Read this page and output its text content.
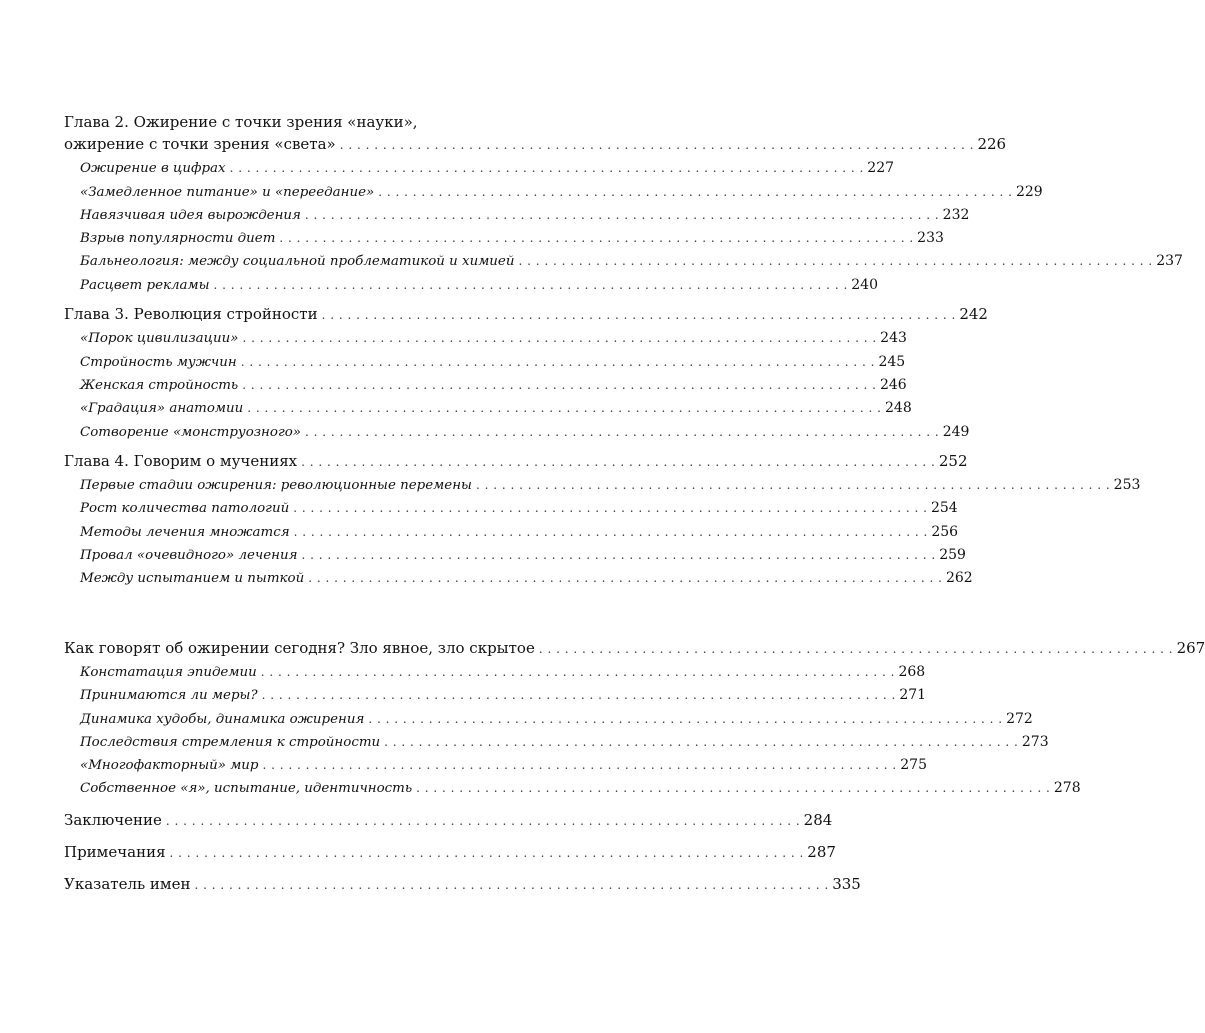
Глава 2. Ожирение с точки зрения «науки»,
ожирение с точки зрения «света» . . .	226
Ожирение в цифрах . . .	227
«Замедленное питание» и «переедание» . . .	229
Навязчивая идея вырождения . . .	232
Взрыв популярности диет . . .	233
Бальнеология: между социальной проблематикой и химией . . .	237
Расцвет рекламы . . .	240
Глава 3. Революция стройности . . .	242
«Порок цивилизации» . . .	243
Стройность мужчин . . .	245
Женская стройность . . .	246
«Градация» анатомии . . .	248
Сотворение «монструозного» . . .	249
Глава 4. Говорим о мучениях . . .	252
Первые стадии ожирения: революционные перемены . . .	253
Рост количества патологий . . .	254
Методы лечения множатся . . .	256
Провал «очевидного» лечения . . .	259
Между испытанием и пыткой . . .	262
Как говорят об ожирении сегодня? Зло явное, зло скрытое . . .	267
Констатация эпидемии . . .	268
Принимаются ли меры? . . .	271
Динамика худобы, динамика ожирения . . .	272
Последствия стремления к стройности . . .	273
«Многофакторный» мир . . .	275
Собственное «я», испытание, идентичность . . .	278
Заключение . . .	284
Примечания . . .	287
Указатель имен . . .	335
